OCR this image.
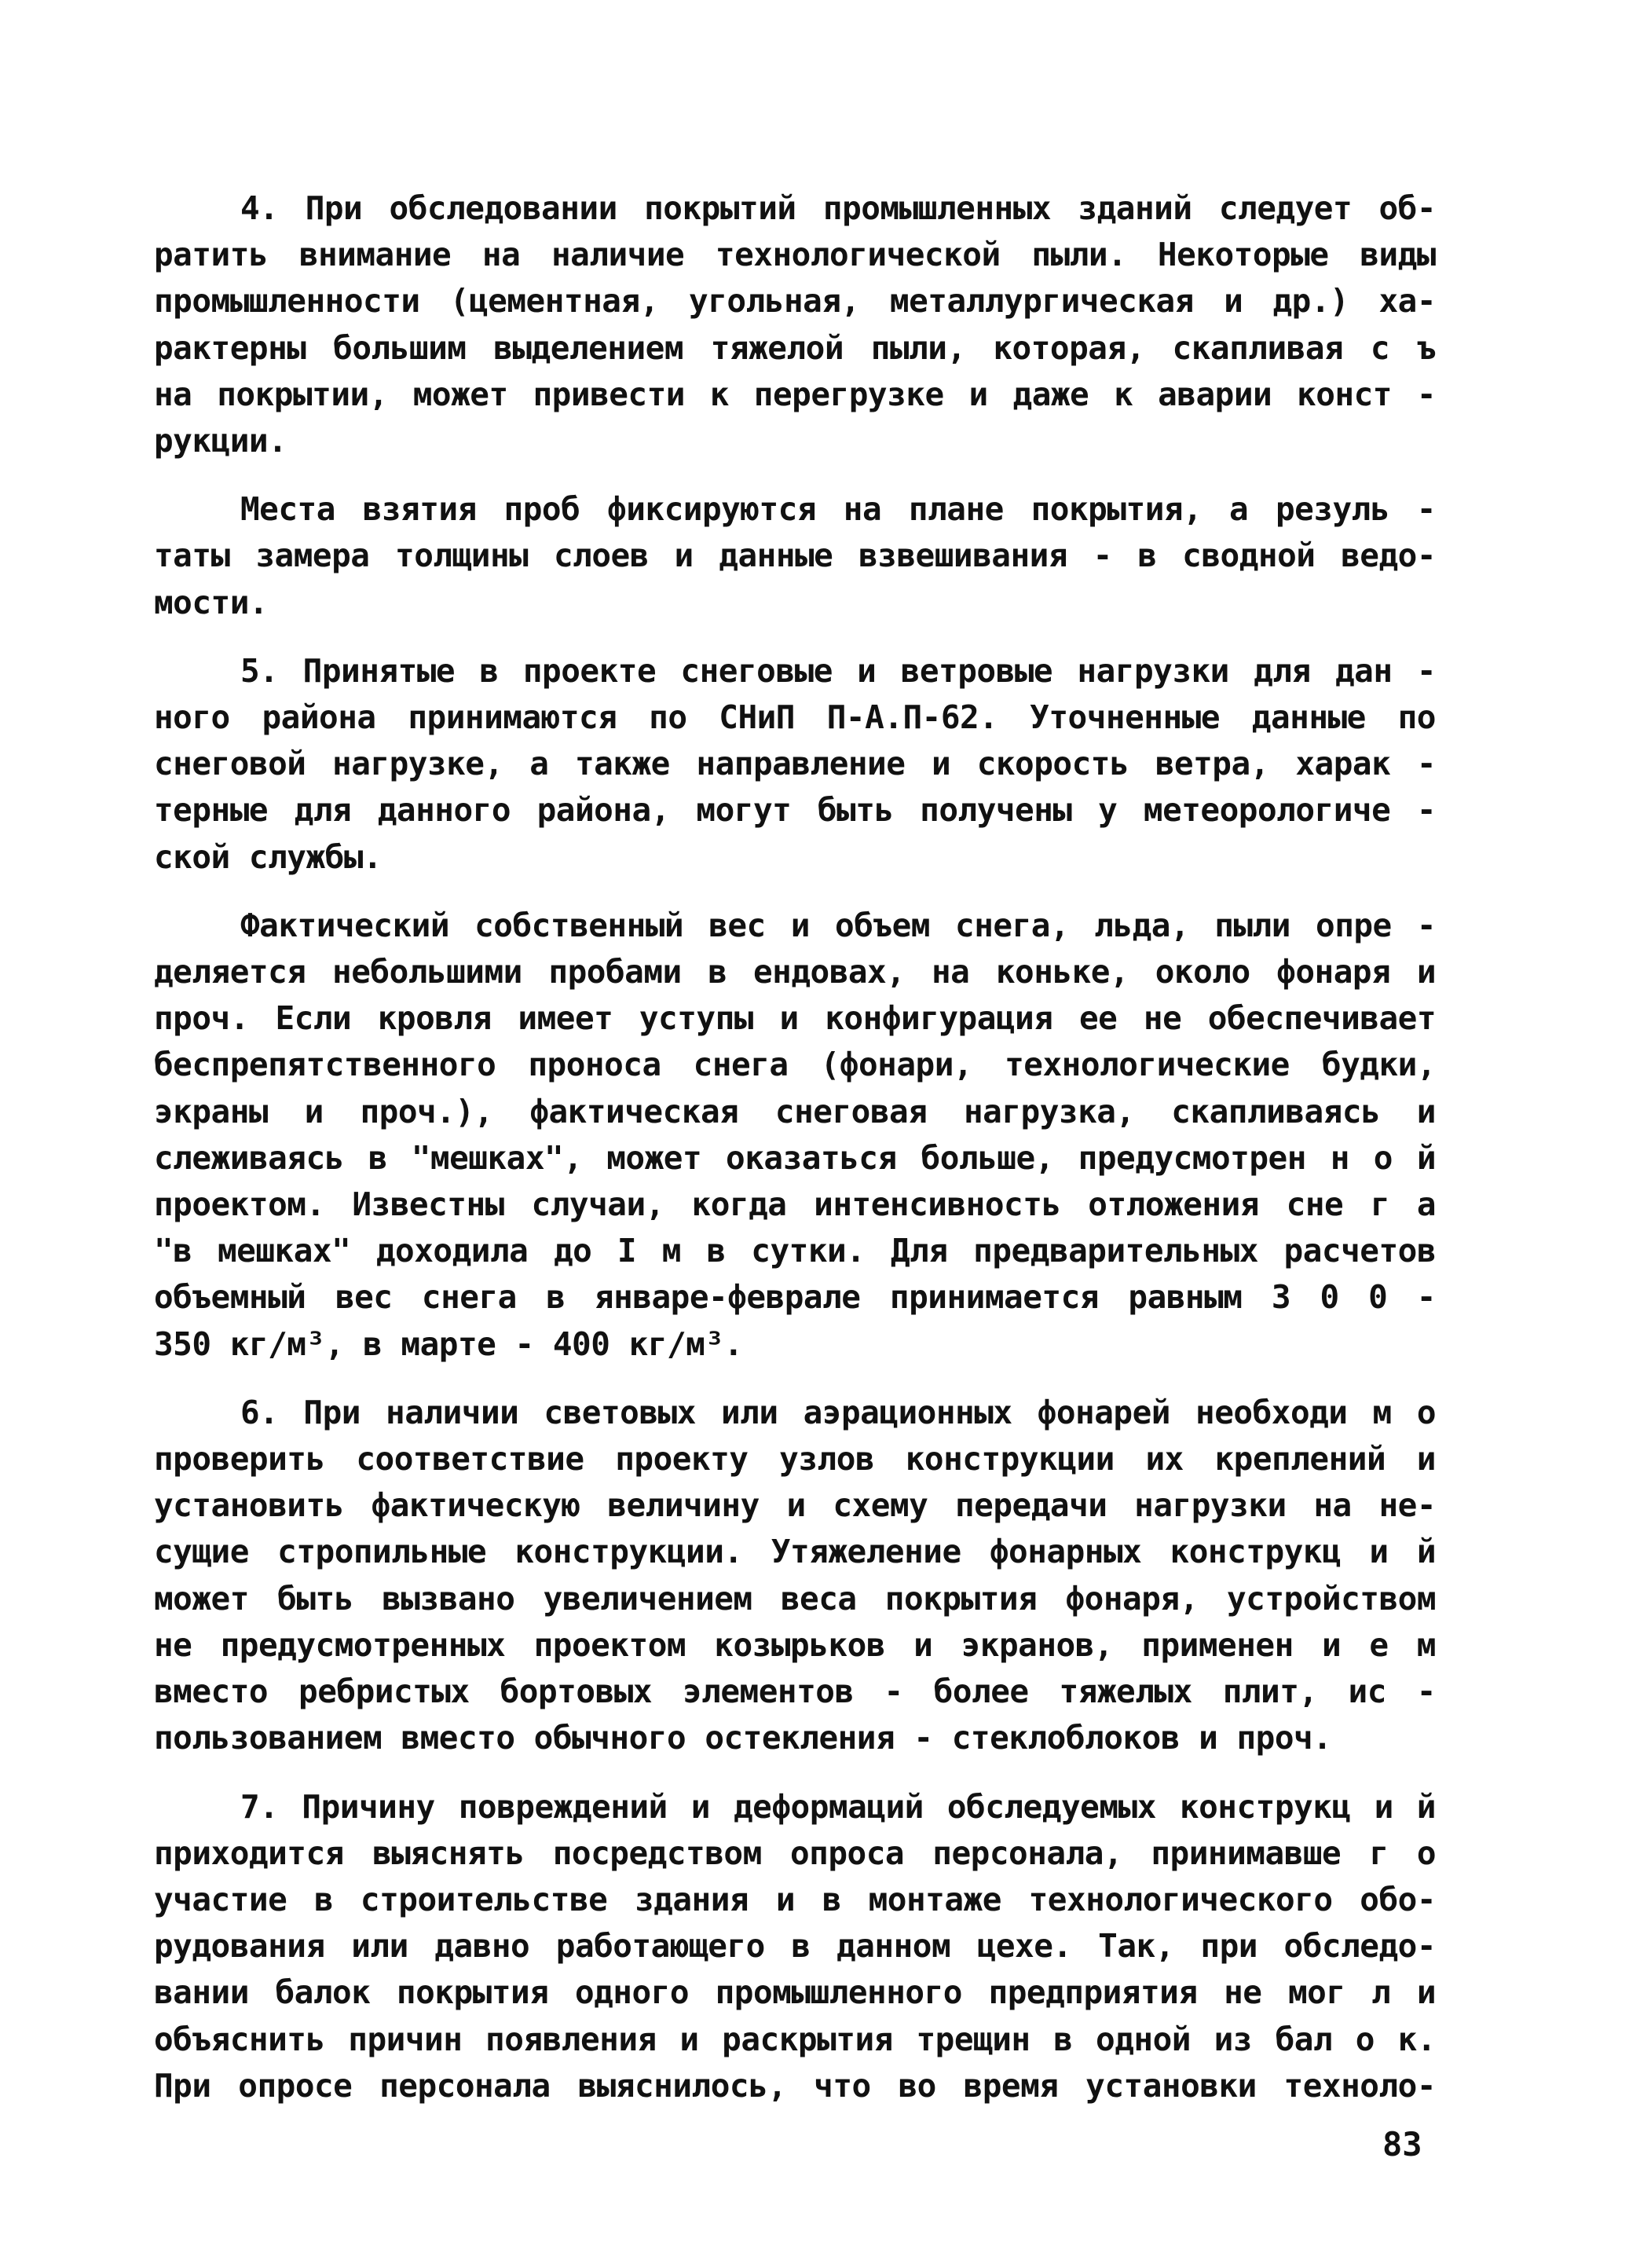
4. При обследовании покрытий промышленных зданий следует об-
ратить внимание на наличие технологической пыли. Некоторые виды
промышленности (цементная, угольная, металлургическая и др.) ха-
рактерны большим выделением тяжелой пыли, которая, скапливая с ъ
на покрытии, может привести к перегрузке и даже к аварии конст -
рукции.
Места взятия проб фиксируются на плане покрытия, а резуль -
таты замера толщины слоев и данные взвешивания - в сводной ведо-
мости.
5. Принятые в проекте снеговые и ветровые нагрузки для дан -
ного района принимаются по СНиП П-А.П-62. Уточненные данные по
снеговой нагрузке, а также направление и скорость ветра, харак -
терные для данного района, могут быть получены у метеорологиче -
ской службы.
Фактический собственный вес и объем снега, льда, пыли опре -
деляется небольшими пробами в ендовах, на коньке, около фонаря и
проч. Если кровля имеет уступы и конфигурация ее не обеспечивает
беспрепятственного проноса снега (фонари, технологические будки,
экраны и проч.), фактическая снеговая нагрузка, скапливаясь и
слеживаясь в "мешках", может оказаться больше, предусмотрен н о й
проектом. Известны случаи, когда интенсивность отложения сне г а
"в мешках" доходила до I м в сутки. Для предварительных расчетов
объемный вес снега в январе-феврале принимается равным 3 0 0 -
350 кг/м³, в марте - 400 кг/м³.
6. При наличии световых или аэрационных фонарей необходи м о
проверить соответствие проекту узлов конструкции их креплений и
установить фактическую величину и схему передачи нагрузки на не-
сущие стропильные конструкции. Утяжеление фонарных конструкц и й
может быть вызвано увеличением веса покрытия фонаря, устройством
не предусмотренных проектом козырьков и экранов, применен и е м
вместо ребристых бортовых элементов - более тяжелых плит, ис -
пользованием вместо обычного остекления - стеклоблоков и проч.
7. Причину повреждений и деформаций обследуемых конструкц и й
приходится выяснять посредством опроса персонала, принимавше г о
участие в строительстве здания и в монтаже технологического обо-
рудования или давно работающего в данном цехе. Так, при обследо-
вании балок покрытия одного промышленного предприятия не мог л и
объяснить причин появления и раскрытия трещин в одной из бал о к.
При опросе персонала выяснилось, что во время установки техноло-
83
